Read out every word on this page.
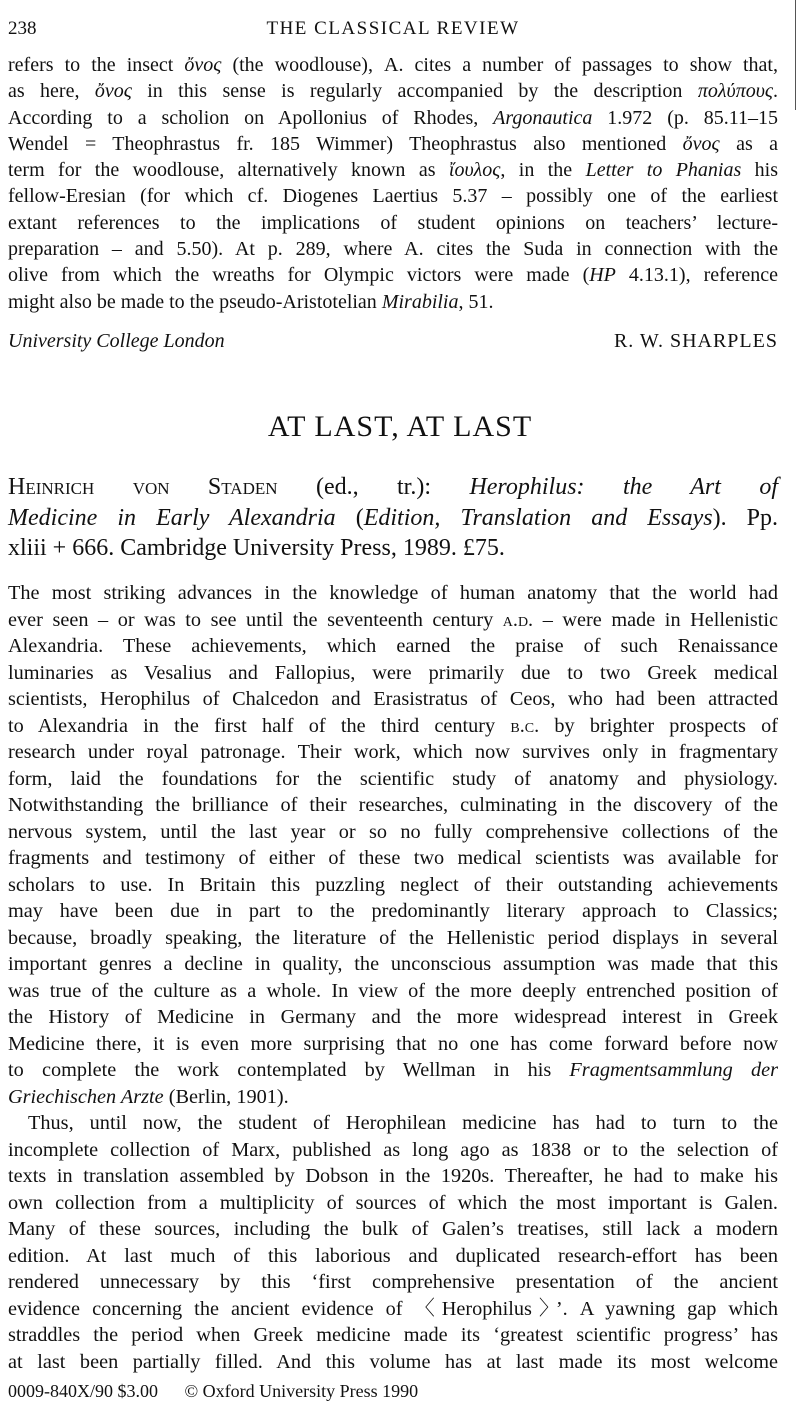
238	THE CLASSICAL REVIEW
refers to the insect ὄνος (the woodlouse), A. cites a number of passages to show that,
as here, ὄνος in this sense is regularly accompanied by the description πολύπους.
According to a scholion on Apollonius of Rhodes, Argonautica 1.972 (p. 85.11–15
Wendel = Theophrastus fr. 185 Wimmer) Theophrastus also mentioned ὄνος as a
term for the woodlouse, alternatively known as ἴουλος, in the Letter to Phanias his
fellow-Eresian (for which cf. Diogenes Laertius 5.37 – possibly one of the earliest
extant references to the implications of student opinions on teachers’ lecture-
preparation – and 5.50). At p. 289, where A. cites the Suda in connection with the
olive from which the wreaths for Olympic victors were made (HP 4.13.1), reference
might also be made to the pseudo-Aristotelian Mirabilia, 51.
University College London	R. W. SHARPLES
AT LAST, AT LAST
Heinrich von Staden (ed., tr.): Herophilus: the Art of
Medicine in Early Alexandria (Edition, Translation and Essays). Pp.
xliii + 666. Cambridge University Press, 1989. £75.
The most striking advances in the knowledge of human anatomy that the world had
ever seen – or was to see until the seventeenth century a.d. – were made in Hellenistic
Alexandria. These achievements, which earned the praise of such Renaissance
luminaries as Vesalius and Fallopius, were primarily due to two Greek medical
scientists, Herophilus of Chalcedon and Erasistratus of Ceos, who had been attracted
to Alexandria in the first half of the third century b.c. by brighter prospects of
research under royal patronage. Their work, which now survives only in fragmentary
form, laid the foundations for the scientific study of anatomy and physiology.
Notwithstanding the brilliance of their researches, culminating in the discovery of the
nervous system, until the last year or so no fully comprehensive collections of the
fragments and testimony of either of these two medical scientists was available for
scholars to use. In Britain this puzzling neglect of their outstanding achievements
may have been due in part to the predominantly literary approach to Classics;
because, broadly speaking, the literature of the Hellenistic period displays in several
important genres a decline in quality, the unconscious assumption was made that this
was true of the culture as a whole. In view of the more deeply entrenched position of
the History of Medicine in Germany and the more widespread interest in Greek
Medicine there, it is even more surprising that no one has come forward before now
to complete the work contemplated by Wellman in his Fragmentsammlung der
Griechischen Arzte (Berlin, 1901).
Thus, until now, the student of Herophilean medicine has had to turn to the
incomplete collection of Marx, published as long ago as 1838 or to the selection of
texts in translation assembled by Dobson in the 1920s. Thereafter, he had to make his
own collection from a multiplicity of sources of which the most important is Galen.
Many of these sources, including the bulk of Galen’s treatises, still lack a modern
edition. At last much of this laborious and duplicated research-effort has been
rendered unnecessary by this ‘first comprehensive presentation of the ancient
evidence concerning the ancient evidence of 〈Herophilus〉’. A yawning gap which
straddles the period when Greek medicine made its ‘greatest scientific progress’ has
at last been partially filled. And this volume has at last made its most welcome
0009-840X/90 $3.00 © Oxford University Press 1990
